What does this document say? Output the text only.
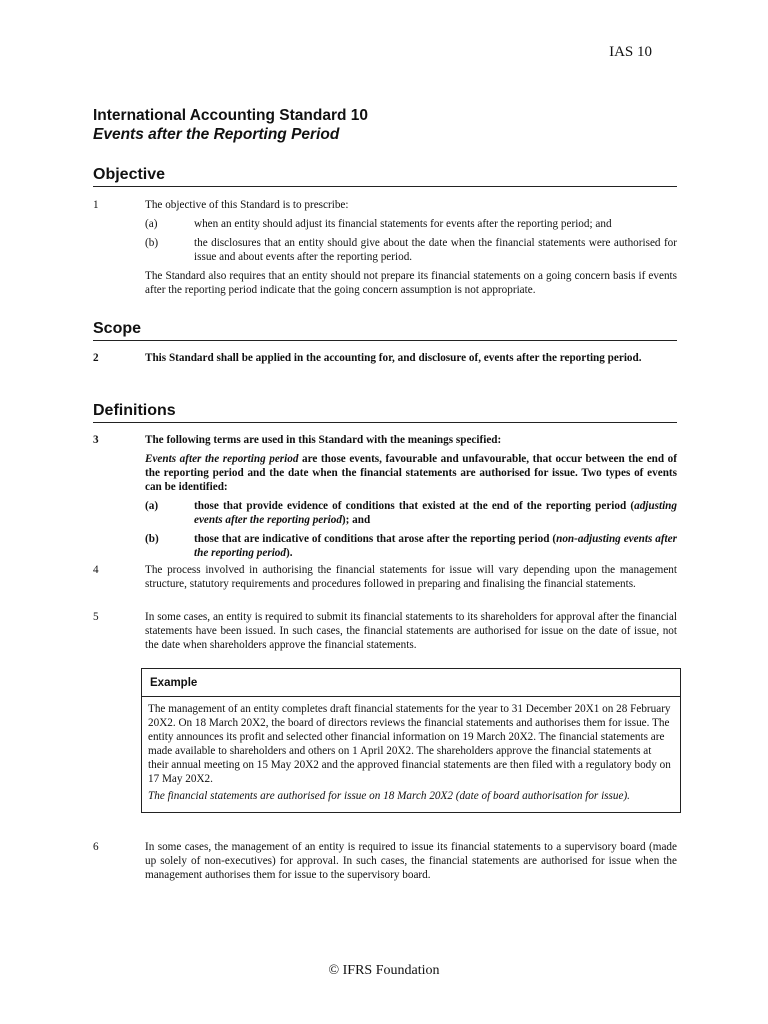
IAS 10
International Accounting Standard 10
Events after the Reporting Period
Objective
1	The objective of this Standard is to prescribe:

(a)	when an entity should adjust its financial statements for events after the reporting period; and
(b)	the disclosures that an entity should give about the date when the financial statements were authorised for issue and about events after the reporting period.

The Standard also requires that an entity should not prepare its financial statements on a going concern basis if events after the reporting period indicate that the going concern assumption is not appropriate.

Scope
2	This Standard shall be applied in the accounting for, and disclosure of, events after the reporting period.

Definitions
3	The following terms are used in this Standard with the meanings specified:

Events after the reporting period are those events, favourable and unfavourable, that occur between the end of the reporting period and the date when the financial statements are authorised for issue. Two types of events can be identified:

(a)	those that provide evidence of conditions that existed at the end of the reporting period (adjusting events after the reporting period); and
(b)	those that are indicative of conditions that arose after the reporting period (non-adjusting events after the reporting period).
4	The process involved in authorising the financial statements for issue will vary depending upon the management structure, statutory requirements and procedures followed in preparing and finalising the financial statements.

5	In some cases, an entity is required to submit its financial statements to its shareholders for approval after the financial statements have been issued. In such cases, the financial statements are authorised for issue on the date of issue, not the date when shareholders approve the financial statements.

Example

The management of an entity completes draft financial statements for the year to 31 December 20X1 on 28 February 20X2. On 18 March 20X2, the board of directors reviews the financial statements and authorises them for issue. The entity announces its profit and selected other financial information on 19 March 20X2. The financial statements are made available to shareholders and others on 1 April 20X2. The shareholders approve the financial statements at their annual meeting on 15 May 20X2 and the approved financial statements are then filed with a regulatory body on 17 May 20X2.

The financial statements are authorised for issue on 18 March 20X2 (date of board authorisation for issue).

6	In some cases, the management of an entity is required to issue its financial statements to a supervisory board (made up solely of non-executives) for approval. In such cases, the financial statements are authorised for issue when the management authorises them for issue to the supervisory board.

© IFRS Foundation
